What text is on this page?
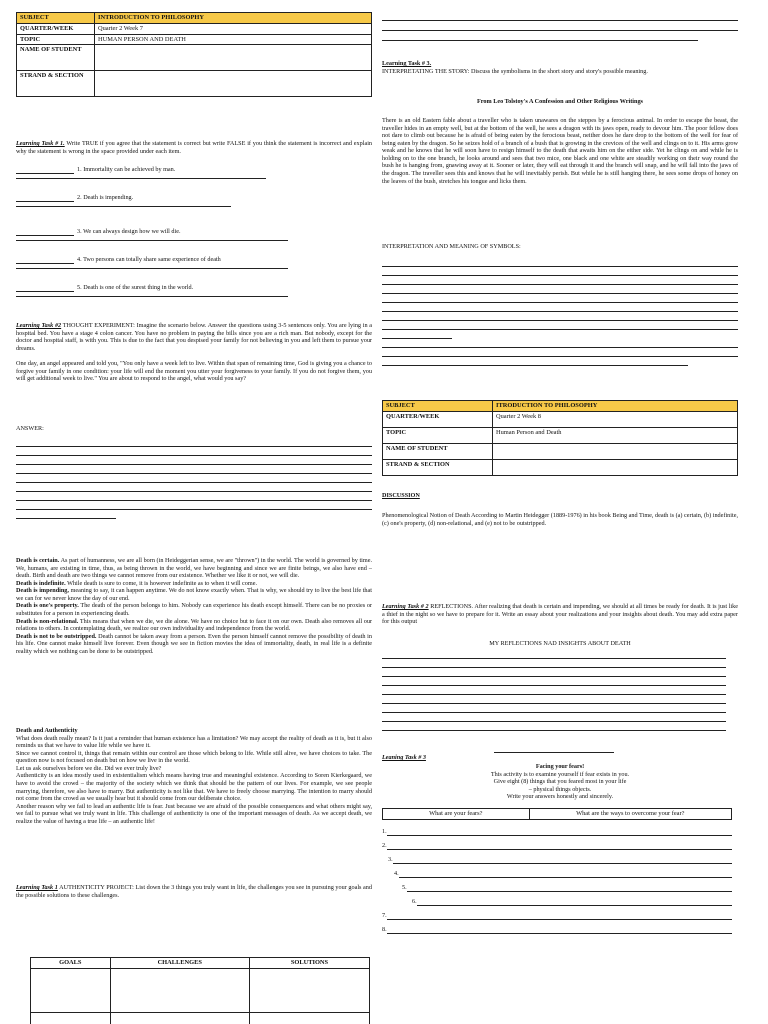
SUBJECT	INTRODUCTION TO PHILOSOPHY
QUARTER/WEEK	Quarter 2 Week 7
TOPIC	HUMAN PERSON AND DEATH
NAME OF STUDENT	
STRAND & SECTION	
Learning Task # 1. Write TRUE if you agree that the statement is correct but write FALSE if you think the statement is incorrect and explain why the statement is wrong in the space provided under each item.
1. Immortality can be achieved by man.
2. Death is impending.
3. We can always design how we will die.
4. Two persons can totally share same experience of death
5. Death is one of the surest thing in the world.

Learning Task #2 THOUGHT EXPERIMENT: Imagine the scenario below. Answer the questions using 3-5 sentences only. You are lying in a hospital bed. You have a stage 4 colon cancer. You have no problem in paying the bills since you are a rich man. But nobody, except for the doctor and hospital staff, is with you. This is due to the fact that you despised your family for not believing in you and left them to pursue your dreams.

One day, an angel appeared and told you, "You only have a week left to live. Within that span of remaining time, God is giving you a chance to forgive your family in one condition: your life will end the moment you utter your forgiveness to your family. If you do not forgive them, you will get additional week to live." You are about to respond to the angel, what would you say?

ANSWER:
Death is certain. As part of humanness, we are all born (in Heideggerian sense, we are "thrown") in the world. The world is governed by time. We, humans, are existing in time, thus, as being thrown in the world, we have beginning and since we are finite beings, we also have end – death. Birth and death are two things we cannot remove from our existence. Whether we like it or not, we will die.
Death is indefinite. While death is sure to come, it is however indefinite as to when it will come.
Death is impending, meaning to say, it can happen anytime. We do not know exactly when. That is why, we should try to live the best life that we can for we never know the day of our end.
Death is one's property. The death of the person belongs to him. Nobody can experience his death except himself. There can be no proxies or substitutes for a person in experiencing death.
Death is non-relational. This means that when we die, we die alone. We have no choice but to face it on our own. Death also removes all our relations to others. In contemplating death, we realize our own individuality and independence from the world.
Death is not to be outstripped. Death cannot be taken away from a person. Even the person himself cannot remove the possibility of death in his life. One cannot make himself live forever. Even though we see in fiction movies the idea of immortality, death, in real life is a definite reality which we nothing can be done to be outstripped.
Death and Authenticity
What does death really mean? Is it just a reminder that human existence has a limitation? We may accept the reality of death as it is, but it also reminds us that we have to value life while we have it.
Since we cannot control it, things that remain within our control are those which belong to life. While still alive, we have choices to take. The question now is not focused on death but on how we live in the world.
Let us ask ourselves before we die. Did we ever truly live?
Authenticity is an idea mostly used in existentialism which means having true and meaningful existence. According to Soren Kierkegaard, we have to avoid the crowd – the majority of the society which we think that should be the pattern of our lives. For example, we see people marrying, therefore, we also have to marry. But authenticity is not like that. We have to freely choose marrying. The intention to marry should not come from the crowd as we usually hear but it should come from our deliberate choice.
Another reason why we fail to lead an authentic life is fear. Just because we are afraid of the possible consequences and what others might say, we fail to pursue what we truly want in life. This challenge of authenticity is one of the important messages of death. As we accept death, we realize the value of having a true life – an authentic life!
Learning Task 1 AUTHENTICITY PROJECT: List down the 3 things you truly want in life, the challenges you see in pursuing your goals and the possible solutions to these challenges.
GOALS	CHALLENGES	SOLUTIONS

Learning Task # 3.
INTERPRETATING THE STORY: Discuss the symbolisms in the short story and story's possible meaning.
From Leo Tolstoy's A Confession and Other Religious Writings
There is an old Eastern fable about a traveller who is taken unawares on the steppes by a ferocious animal. In order to escape the beast, the traveller hides in an empty well, but at the bottom of the well, he sees a dragon with its jaws open, ready to devour him. The poor fellow does not dare to climb out because he is afraid of being eaten by the ferocious beast, neither does he dare drop to the bottom of the well for fear of being eaten by the dragon. So he seizes hold of a branch of a bush that is growing in the crevices of the well and clings on to it. His arms grow weak and he knows that he will soon have to resign himself to the death that awaits him on the either side. Yet he clings on and while he is holding on to the one branch, he looks around and sees that two mice, one black and one white are steadily working on their way round the bush he is hanging from, gnawing away at it. Sooner or later, they will eat through it and the branch will snap, and he will fall into the jaws of the dragon. The traveller sees this and knows that he will inevitably perish. But while he is still hanging there, he sees some drops of honey on the leaves of the bush, stretches his tongue and licks them.
INTERPRETATION AND MEANING OF SYMBOLS:
SUBJECT	ITRODUCTION TO PHILOSOPHY
QUARTER/WEEK	Quarter 2 Week 8
TOPIC	Human Person and Death
NAME OF STUDENT	
STRAND & SECTION	
DISCUSSION
Phenomenological Notion of Death According to Martin Heidegger (1889-1976) in his book Being and Time, death is (a) certain, (b) indefinite, (c) one's property, (d) non-relational, and (e) not to be outstripped.
Learning Task # 2 REFLECTIONS. After realizing that death is certain and impending, we should at all times be ready for death. It is just like a thief in the night so we have to prepare for it. Write an essay about your realizations and your insights about death. You may add extra paper for this output
MY REFLECTIONS NAD INSIGHTS ABOUT DEATH
Leaning Task # 3
Facing your fears!
This activity is to examine yourself if fear exists in you.
Give eight (8) things that you feared most in your life
– physical things objects.
Write your answers honestly and sincerely.
What are your fears?	What are the ways to overcome your fear?
1.
2.
3.
4.
5.
6.
7.
8.
